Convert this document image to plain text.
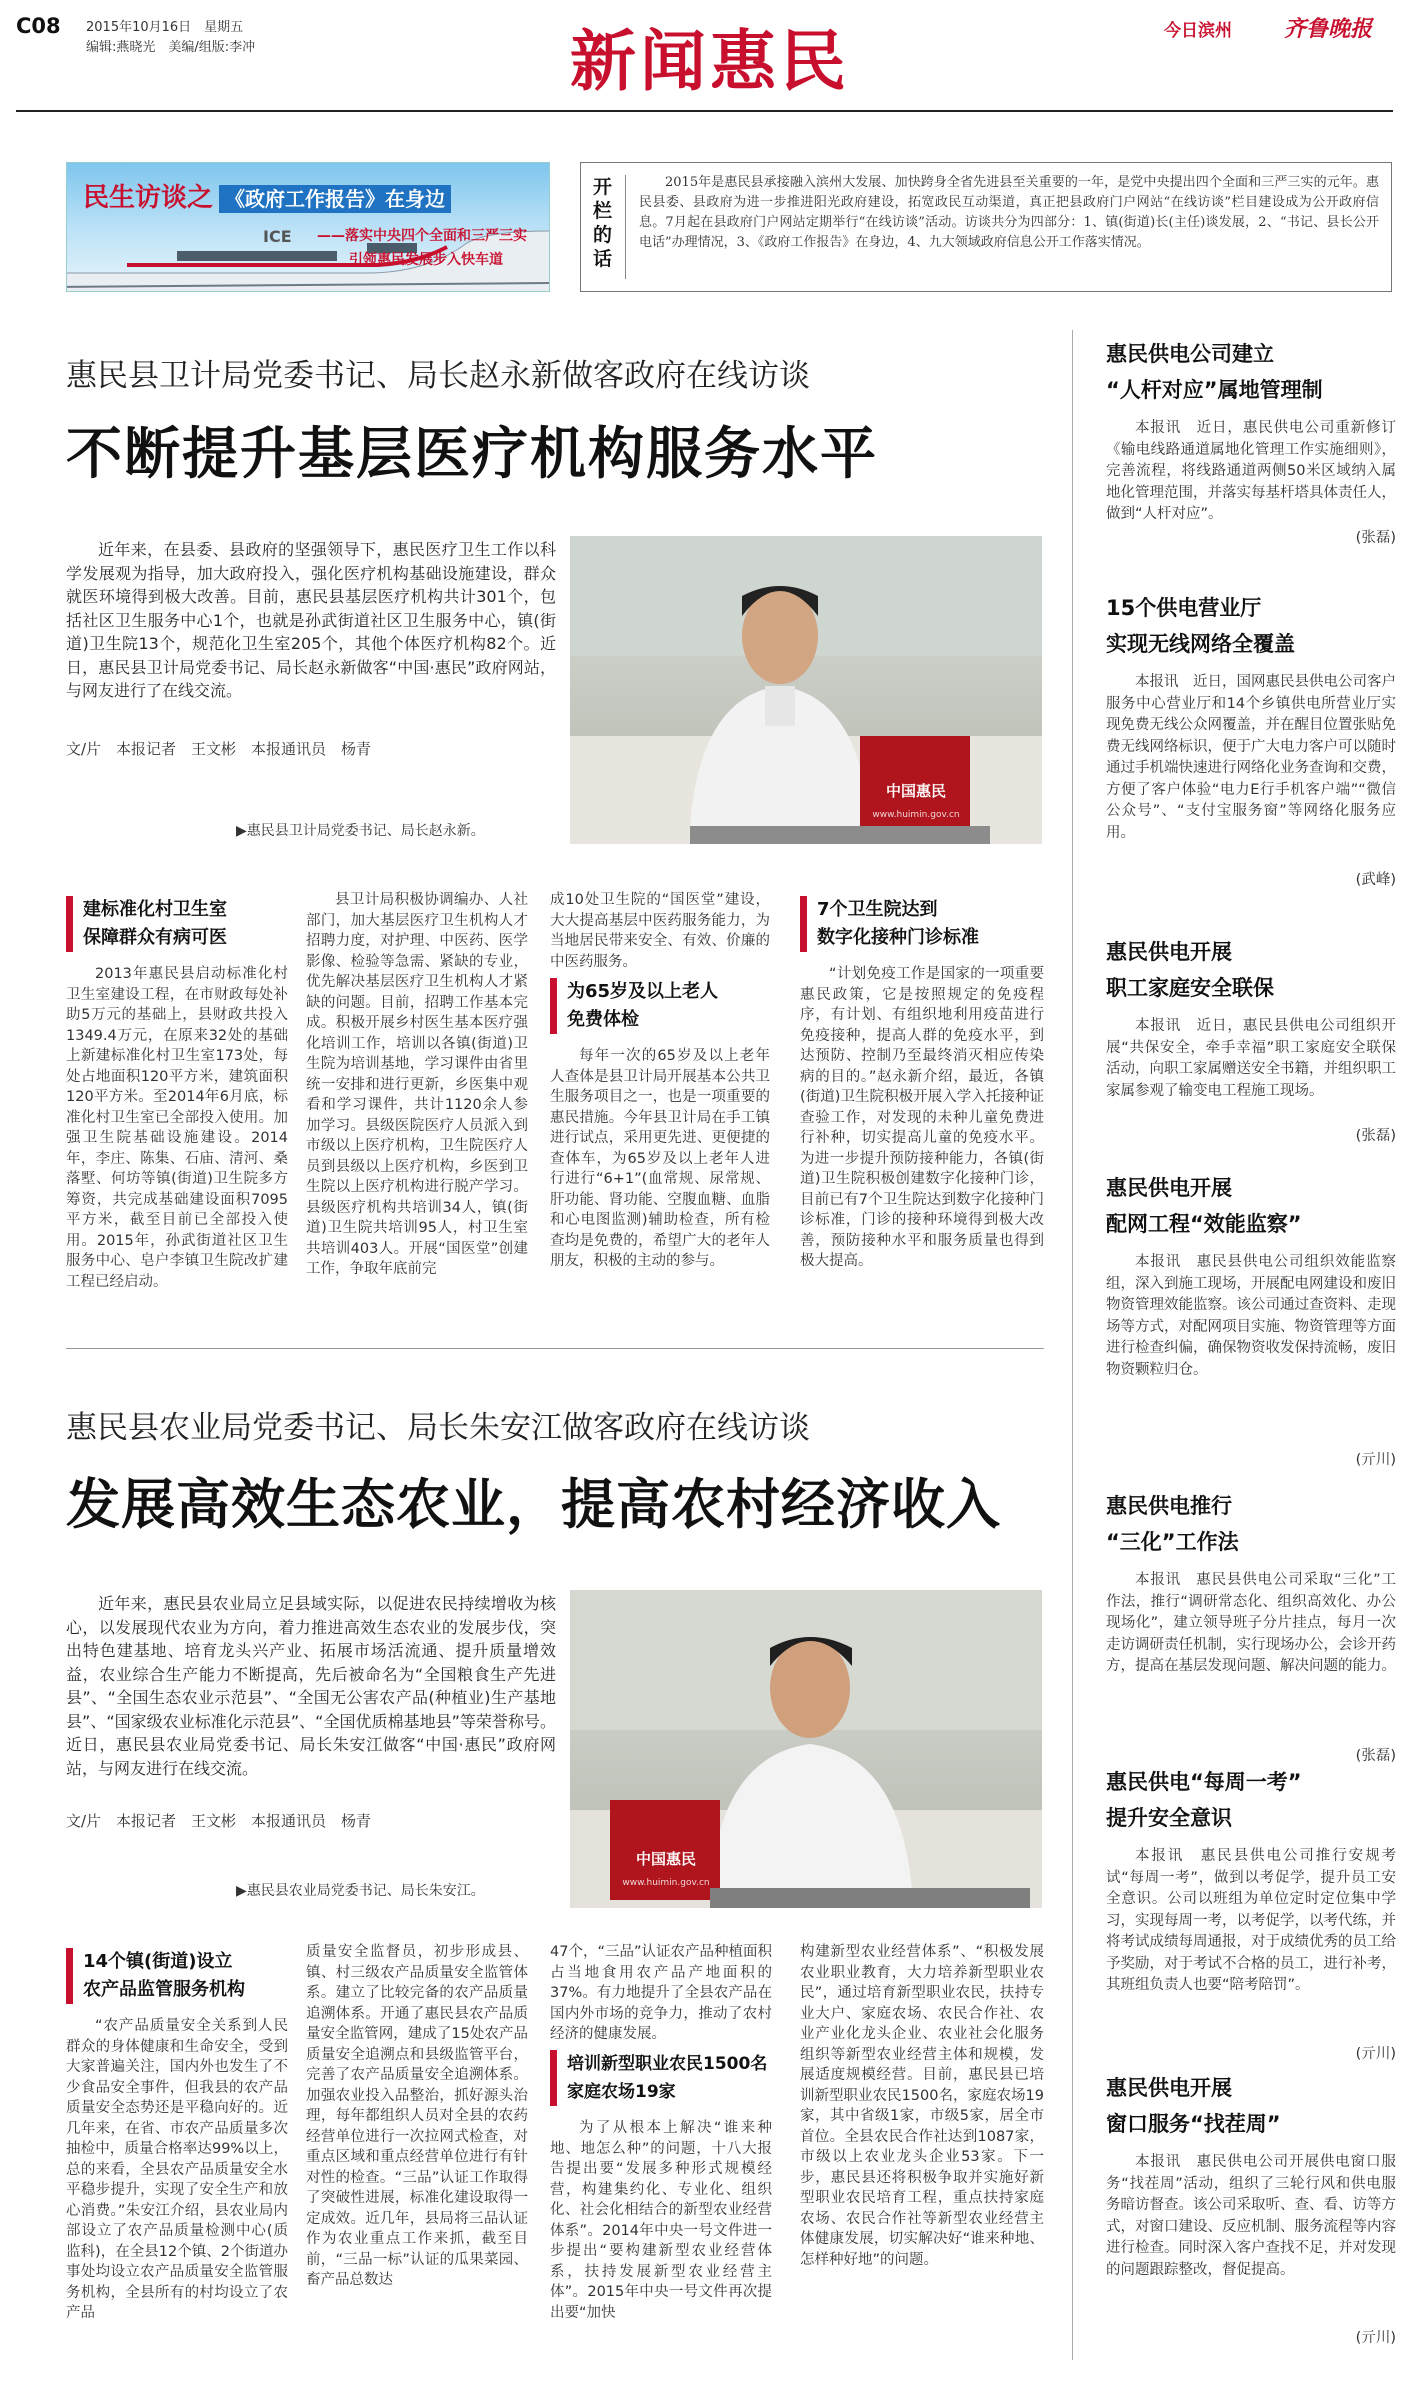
C08 2015年10月16日　星期五
编辑:燕晓光　美编/组版:李冲	新闻惠民	今日滨州 齐鲁晚报
ICE
民生访谈之 《政府工作报告》在身边
——落实中央四个全面和三严三实
引领惠民发展步入快车道
开栏的话
2015年是惠民县承接融入滨州大发展、加快跨身全省先进县至关重要的一年，是党中央提出四个全面和三严三实的元年。惠民县委、县政府为进一步推进阳光政府建设，拓宽政民互动渠道，真正把县政府门户网站“在线访谈”栏目建设成为公开政府信息。7月起在县政府门户网站定期举行“在线访谈”活动。访谈共分为四部分：1、镇(街道)长(主任)谈发展，2、“书记、县长公开电话”办理情况，3、《政府工作报告》在身边，4、九大领域政府信息公开工作落实情况。
惠民县卫计局党委书记、局长赵永新做客政府在线访谈
不断提升基层医疗机构服务水平

近年来，在县委、县政府的坚强领导下，惠民医疗卫生工作以科学发展观为指导，加大政府投入，强化医疗机构基础设施建设，群众就医环境得到极大改善。目前，惠民县基层医疗机构共计301个，包括社区卫生服务中心1个，也就是孙武街道社区卫生服务中心，镇(街道)卫生院13个，规范化卫生室205个，其他个体医疗机构82个。近日，惠民县卫计局党委书记、局长赵永新做客“中国·惠民”政府网站，与网友进行了在线交流。

文/片　本报记者　王文彬　本报通讯员　杨青
中国惠民
www.huimin.gov.cn
▶惠民县卫计局党委书记、局长赵永新。
建标准化村卫生室
保障群众有病可医

2013年惠民县启动标准化村卫生室建设工程，在市财政每处补助5万元的基础上，县财政共投入1349.4万元，在原来32处的基础上新建标准化村卫生室173处，每处占地面积120平方米，建筑面积120平方米。至2014年6月底，标准化村卫生室已全部投入使用。加强卫生院基础设施建设。2014年，李庄、陈集、石庙、清河、桑落墅、何坊等镇(街道)卫生院多方筹资，共完成基础建设面积7095平方米，截至目前已全部投入使用。2015年，孙武街道社区卫生服务中心、皂户李镇卫生院改扩建工程已经启动。

县卫计局积极协调编办、人社部门，加大基层医疗卫生机构人才招聘力度，对护理、中医药、医学影像、检验等急需、紧缺的专业，优先解决基层医疗卫生机构人才紧缺的问题。目前，招聘工作基本完成。积极开展乡村医生基本医疗强化培训工作，培训以各镇(街道)卫生院为培训基地，学习课件由省里统一安排和进行更新，乡医集中观看和学习课件，共计1120余人参加学习。县级医院医疗人员派入到市级以上医疗机构，卫生院医疗人员到县级以上医疗机构，乡医到卫生院以上医疗机构进行脱产学习。县级医疗机构共培训34人，镇(街道)卫生院共培训95人，村卫生室共培训403人。开展“国医堂”创建工作，争取年底前完

成10处卫生院的“国医堂”建设，大大提高基层中医药服务能力，为当地居民带来安全、有效、价廉的中医药服务。

为65岁及以上老人
免费体检

每年一次的65岁及以上老年人查体是县卫计局开展基本公共卫生服务项目之一，也是一项重要的惠民措施。今年县卫计局在手工镇进行试点，采用更先进、更便捷的查体车，为65岁及以上老年人进行进行“6+1”(血常规、尿常规、肝功能、肾功能、空腹血糖、血脂和心电图监测)辅助检查，所有检查均是免费的，希望广大的老年人朋友，积极的主动的参与。

7个卫生院达到
数字化接种门诊标准

“计划免疫工作是国家的一项重要惠民政策，它是按照规定的免疫程序，有计划、有组织地利用疫苗进行免疫接种，提高人群的免疫水平，到达预防、控制乃至最终消灭相应传染病的目的。”赵永新介绍，最近，各镇(街道)卫生院积极开展入学入托接种证查验工作，对发现的未种儿童免费进行补种，切实提高儿童的免疫水平。为进一步提升预防接种能力，各镇(街道)卫生院积极创建数字化接种门诊，目前已有7个卫生院达到数字化接种门诊标准，门诊的接种环境得到极大改善，预防接种水平和服务质量也得到极大提高。

惠民县农业局党委书记、局长朱安江做客政府在线访谈
发展高效生态农业，提高农村经济收入

近年来，惠民县农业局立足县域实际，以促进农民持续增收为核心，以发展现代农业为方向，着力推进高效生态农业的发展步伐，突出特色建基地、培育龙头兴产业、拓展市场活流通、提升质量增效益，农业综合生产能力不断提高，先后被命名为“全国粮食生产先进县”、“全国生态农业示范县”、“全国无公害农产品(种植业)生产基地县”、“国家级农业标准化示范县”、“全国优质棉基地县”等荣誉称号。近日，惠民县农业局党委书记、局长朱安江做客“中国·惠民”政府网站，与网友进行在线交流。

文/片　本报记者　王文彬　本报通讯员　杨青
中国惠民
www.huimin.gov.cn
▶惠民县农业局党委书记、局长朱安江。
14个镇(街道)设立
农产品监管服务机构

“农产品质量安全关系到人民群众的身体健康和生命安全，受到大家普遍关注，国内外也发生了不少食品安全事件，但我县的农产品质量安全态势还是平稳向好的。近几年来，在省、市农产品质量多次抽检中，质量合格率达99%以上，总的来看，全县农产品质量安全水平稳步提升，实现了安全生产和放心消费。”朱安江介绍，县农业局内部设立了农产品质量检测中心(质监科)，在全县12个镇、2个街道办事处均设立农产品质量安全监管服务机构，全县所有的村均设立了农产品

质量安全监督员，初步形成县、镇、村三级农产品质量安全监管体系。建立了比较完备的农产品质量追溯体系。开通了惠民县农产品质量安全监管网，建成了15处农产品质量安全追溯点和县级监管平台，完善了农产品质量安全追溯体系。加强农业投入品整治，抓好源头治理，每年都组织人员对全县的农药经营单位进行一次拉网式检查，对重点区域和重点经营单位进行有针对性的检查。“三品”认证工作取得了突破性进展，标准化建设取得一定成效。近几年，县局将三品认证作为农业重点工作来抓，截至目前，“三品一标”认证的瓜果菜园、畜产品总数达

47个，“三品”认证农产品种植面积占当地食用农产品产地面积的37%。有力地提升了全县农产品在国内外市场的竞争力，推动了农村经济的健康发展。

培训新型职业农民1500名
家庭农场19家

为了从根本上解决“谁来种地、地怎么种”的问题，十八大报告提出要“发展多种形式规模经营，构建集约化、专业化、组织化、社会化相结合的新型农业经营体系”。2014年中央一号文件进一步提出“要构建新型农业经营体系，扶持发展新型农业经营主体”。2015年中央一号文件再次提出要“加快

构建新型农业经营体系”、“积极发展农业职业教育，大力培养新型职业农民”，通过培育新型职业农民，扶持专业大户、家庭农场、农民合作社、农业产业化龙头企业、农业社会化服务组织等新型农业经营主体和规模，发展适度规模经营。目前，惠民县已培训新型职业农民1500名，家庭农场19家，其中省级1家，市级5家，居全市首位。全县农民合作社达到1087家，市级以上农业龙头企业53家。下一步，惠民县还将积极争取并实施好新型职业农民培育工程，重点扶持家庭农场、农民合作社等新型农业经营主体健康发展，切实解决好“谁来种地、怎样种好地”的问题。

惠民供电公司建立
“人杆对应”属地管理制

本报讯　近日，惠民供电公司重新修订《输电线路通道属地化管理工作实施细则》，完善流程，将线路通道两侧50米区域纳入属地化管理范围，并落实每基杆塔具体责任人，做到“人杆对应”。

(张磊)
15个供电营业厅
实现无线网络全覆盖

本报讯　近日，国网惠民县供电公司客户服务中心营业厅和14个乡镇供电所营业厅实现免费无线公众网覆盖，并在醒目位置张贴免费无线网络标识，便于广大电力客户可以随时通过手机端快速进行网络化业务查询和交费，方便了客户体验“电力E行手机客户端”“微信公众号”、“支付宝服务窗”等网络化服务应用。

(武峰)
惠民供电开展
职工家庭安全联保

本报讯　近日，惠民县供电公司组织开展“共保安全，牵手幸福”职工家庭安全联保活动，向职工家属赠送安全书籍，并组织职工家属参观了输变电工程施工现场。

(张磊)
惠民供电开展
配网工程“效能监察”

本报讯　惠民县供电公司组织效能监察组，深入到施工现场，开展配电网建设和废旧物资管理效能监察。该公司通过查资料、走现场等方式，对配网项目实施、物资管理等方面进行检查纠偏，确保物资收发保持流畅，废旧物资颗粒归仓。

(亓川)
惠民供电推行
“三化”工作法

本报讯　惠民县供电公司采取“三化”工作法，推行“调研常态化、组织高效化、办公现场化”，建立领导班子分片挂点，每月一次走访调研责任机制，实行现场办公，会诊开药方，提高在基层发现问题、解决问题的能力。

(张磊)
惠民供电“每周一考”
提升安全意识

本报讯　惠民县供电公司推行安规考试“每周一考”，做到以考促学，提升员工安全意识。公司以班组为单位定时定位集中学习，实现每周一考，以考促学，以考代练，并将考试成绩每周通报，对于成绩优秀的员工给予奖励，对于考试不合格的员工，进行补考，其班组负责人也要“陪考陪罚”。

(亓川)
惠民供电开展
窗口服务“找茬周”

本报讯　惠民供电公司开展供电窗口服务“找茬周”活动，组织了三轮行风和供电服务暗访督查。该公司采取听、查、看、访等方式，对窗口建设、反应机制、服务流程等内容进行检查。同时深入客户查找不足，并对发现的问题跟踪整改，督促提高。

(亓川)
